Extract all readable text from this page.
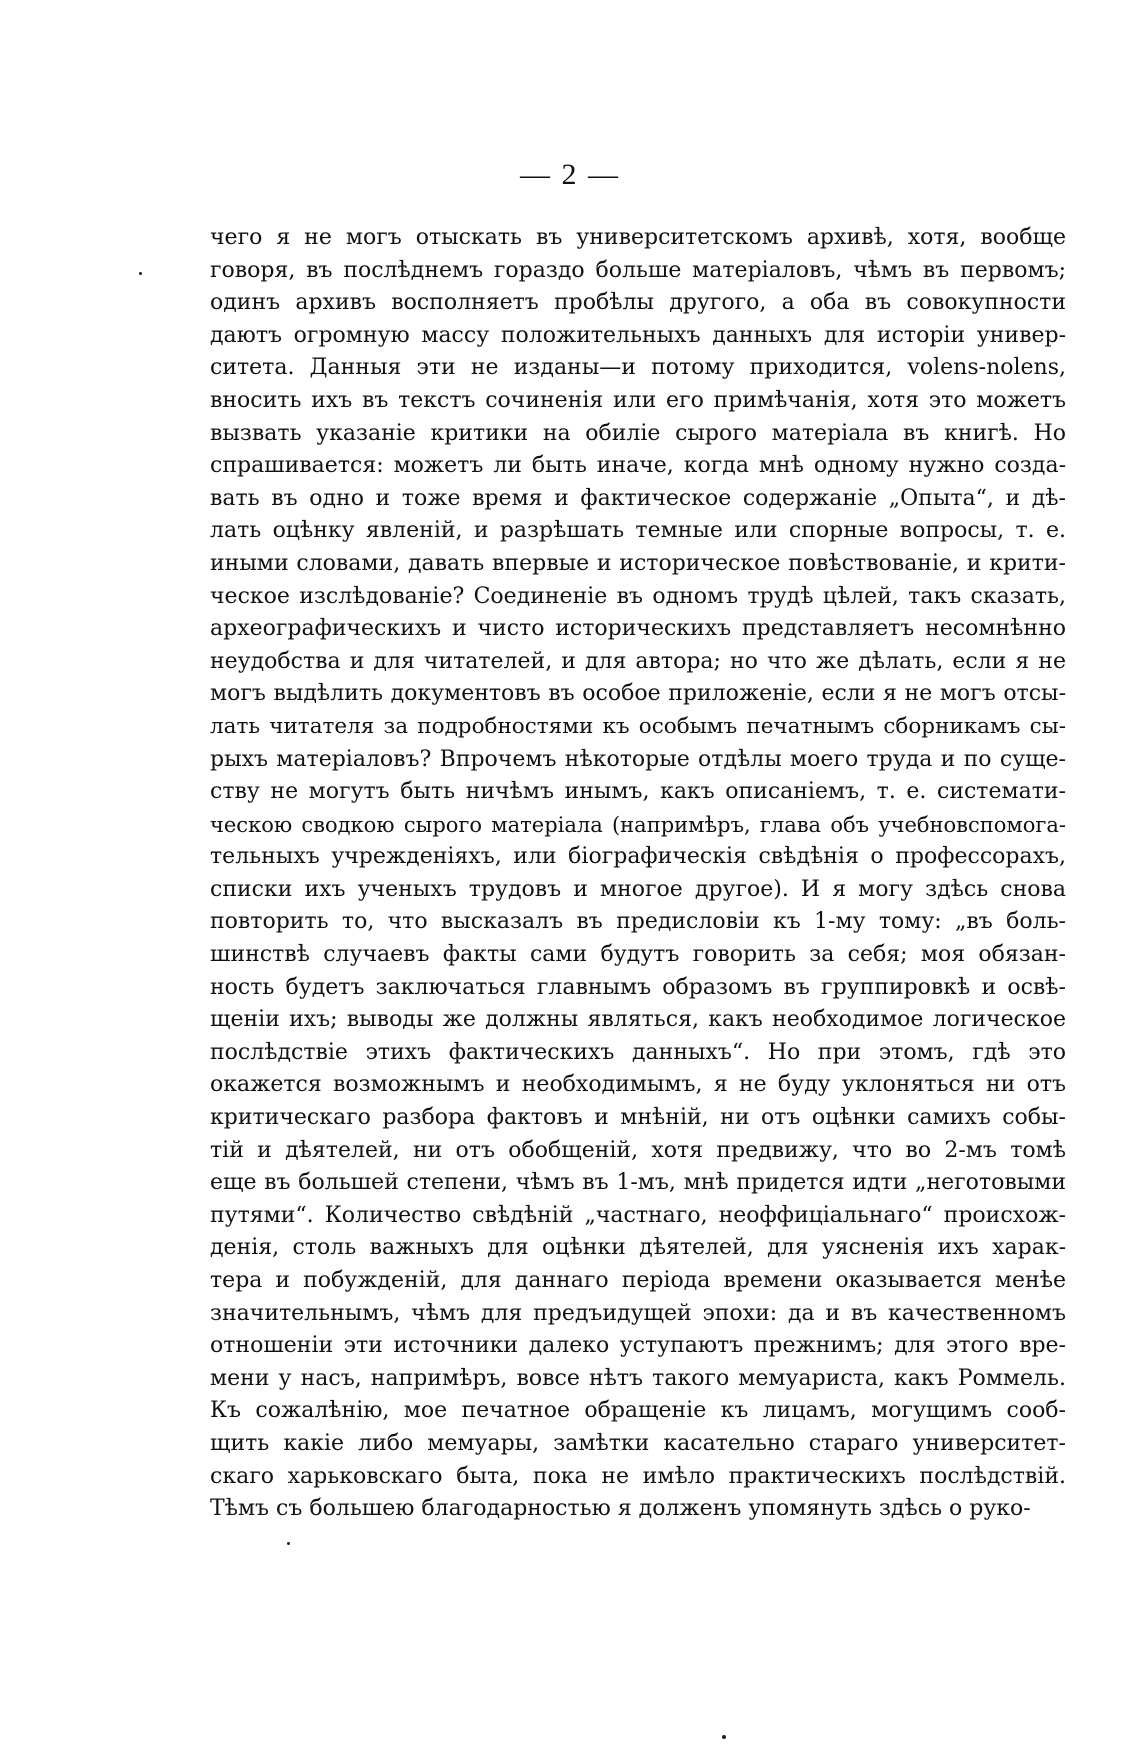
— 2 —
чего я не могъ отыскать въ университетскомъ архивѣ, хотя, вообще
говоря, въ послѣднемъ гораздо больше матеріаловъ, чѣмъ въ первомъ;
одинъ архивъ восполняетъ пробѣлы другого, а оба въ совокупности
даютъ огромную массу положительныхъ данныхъ для исторіи универ-
ситета. Данныя эти не изданы—и потому приходится, volens-nolens,
вносить ихъ въ текстъ сочиненія или его примѣчанія, хотя это можетъ
вызвать указаніе критики на обиліе сырого матеріала въ книгѣ. Но
спрашивается: можетъ ли быть иначе, когда мнѣ одному нужно созда-
вать въ одно и тоже время и фактическое содержаніе „Опыта“, и дѣ-
лать оцѣнку явленій, и разрѣшать темные или спорные вопросы, т. е.
иными словами, давать впервые и историческое повѣствованіе, и крити-
ческое изслѣдованіе? Соединеніе въ одномъ трудѣ цѣлей, такъ сказать,
археографическихъ и чисто историческихъ представляетъ несомнѣнно
неудобства и для читателей, и для автора; но что же дѣлать, если я не
могъ выдѣлить документовъ въ особое приложеніе, если я не могъ отсы-
лать читателя за подробностями къ особымъ печатнымъ сборникамъ сы-
рыхъ матеріаловъ? Впрочемъ нѣкоторые отдѣлы моего труда и по суще-
ству не могутъ быть ничѣмъ инымъ, какъ описаніемъ, т. е. системати-
ческою сводкою сырого матеріала (напримѣръ, глава объ учебновспомога-
тельныхъ учрежденіяхъ, или біографическія свѣдѣнія о профессорахъ,
списки ихъ ученыхъ трудовъ и многое другое). И я могу здѣсь снова
повторить то, что высказалъ въ предисловіи къ 1-му тому: „въ боль-
шинствѣ случаевъ факты сами будутъ говорить за себя; моя обязан-
ность будетъ заключаться главнымъ образомъ въ группировкѣ и освѣ-
щеніи ихъ; выводы же должны являться, какъ необходимое логическое
послѣдствіе этихъ фактическихъ данныхъ“. Но при этомъ, гдѣ это
окажется возможнымъ и необходимымъ, я не буду уклоняться ни отъ
критическаго разбора фактовъ и мнѣній, ни отъ оцѣнки самихъ собы-
тій и дѣятелей, ни отъ обобщеній, хотя предвижу, что во 2-мъ томѣ
еще въ большей степени, чѣмъ въ 1-мъ, мнѣ придется идти „неготовыми
путями“. Количество свѣдѣній „частнаго, неоффиціальнаго“ происхож-
денія, столь важныхъ для оцѣнки дѣятелей, для уясненія ихъ харак-
тера и побужденій, для даннаго періода времени оказывается менѣе
значительнымъ, чѣмъ для предъидущей эпохи: да и въ качественномъ
отношеніи эти источники далеко уступаютъ прежнимъ; для этого вре-
мени у насъ, напримѣръ, вовсе нѣтъ такого мемуариста, какъ Роммель.
Къ сожалѣнію, мое печатное обращеніе къ лицамъ, могущимъ сооб-
щить какіе либо мемуары, замѣтки касательно стараго университет-
скаго харьковскаго быта, пока не имѣло практическихъ послѣдствій.
Тѣмъ съ большею благодарностью я долженъ упомянуть здѣсь о руко-
